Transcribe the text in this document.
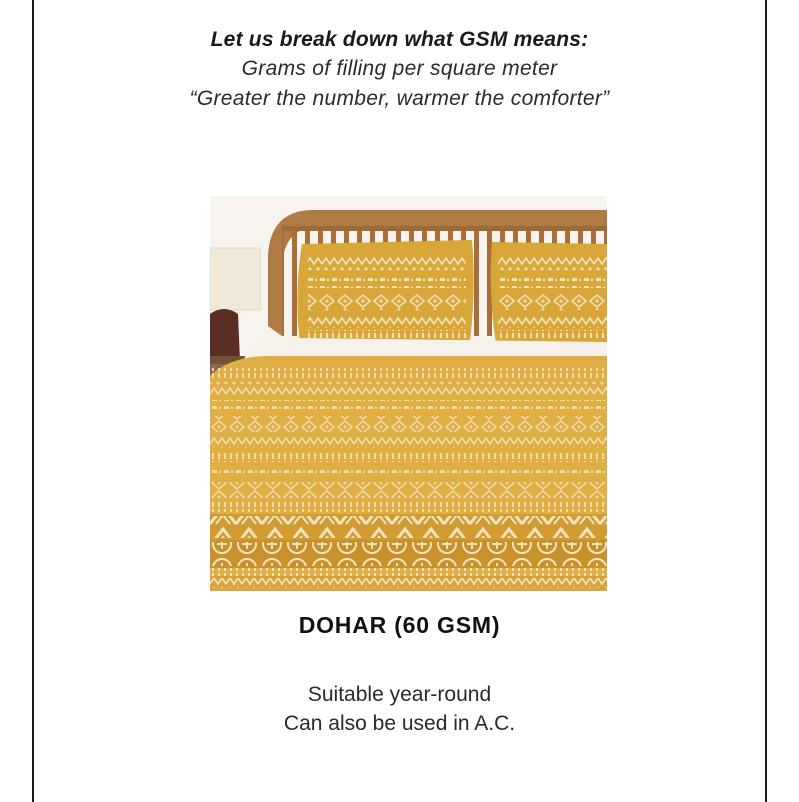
Let us break down what GSM means:
Grams of filling per square meter
“Greater the number, warmer the comforter”
DOHAR (60 GSM)
Suitable year-round
Can also be used in A.C.
